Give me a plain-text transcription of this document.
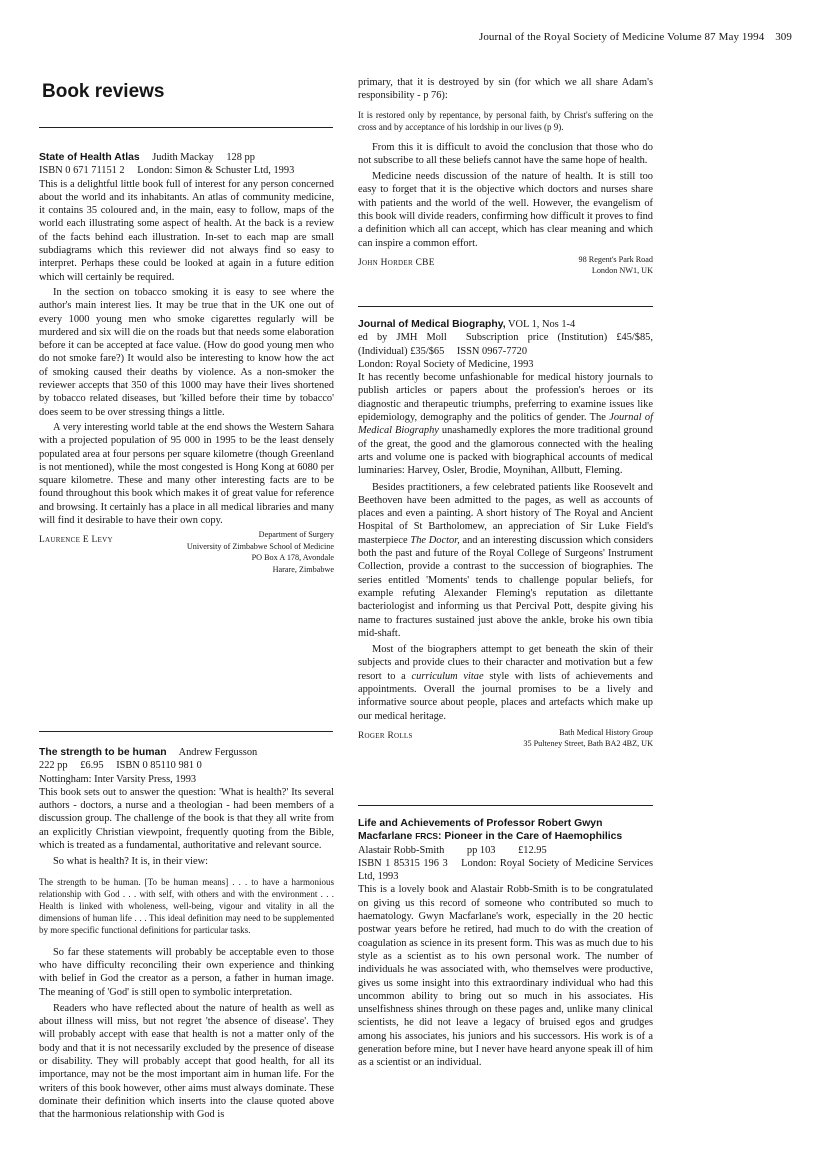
Journal of the Royal Society of Medicine Volume 87 May 1994 309
Book reviews
State of Health Atlas Judith Mackay 128 pp
ISBN 0 671 71151 2 London: Simon & Schuster Ltd, 1993

This is a delightful little book full of interest for any person concerned about the world and its inhabitants. An atlas of community medicine, it contains 35 coloured and, in the main, easy to follow, maps of the world each illustrating some aspect of health. At the back is a review of the facts behind each illustration. In-set to each map are small subdiagrams which this reviewer did not always find so easy to interpret. Perhaps these could be looked at again in a future edition which will certainly be required.

In the section on tobacco smoking it is easy to see where the author's main interest lies. It may be true that in the UK one out of every 1000 young men who smoke cigarettes regularly will be murdered and six will die on the roads but that needs some elaboration before it can be accepted at face value. (How do good young men who do not smoke fare?) It would also be interesting to know how the act of smoking caused their deaths by violence. As a non-smoker the reviewer accepts that 350 of this 1000 may have their lives shortened by tobacco related diseases, but 'killed before their time by tobacco' does seem to be over stressing things a little.

A very interesting world table at the end shows the Western Sahara with a projected population of 95 000 in 1995 to be the least densely populated area at four persons per square kilometre (though Greenland is not mentioned), while the most congested is Hong Kong at 6080 per square kilometre. These and many other interesting facts are to be found throughout this book which makes it of great value for reference and browsing. It certainly has a place in all medical libraries and many will find it desirable to have their own copy.

Laurence E Levy
Department of Surgery
University of Zimbabwe School of Medicine
PO Box A 178, Avondale
Harare, Zimbabwe
The strength to be human Andrew Fergusson
222 pp £6.95 ISBN 0 85110 981 0
Nottingham: Inter Varsity Press, 1993

This book sets out to answer the question: 'What is health?' Its several authors - doctors, a nurse and a theologian - had been members of a discussion group. The challenge of the book is that they all write from an explicitly Christian viewpoint, frequently quoting from the Bible, which is treated as a fundamental, authoritative and relevant source.

So what is health? It is, in their view:

The strength to be human. [To be human means] . . . to have a harmonious relationship with God . . . with self, with others and with the environment . . . Health is linked with wholeness, well-being, vigour and vitality in all the dimensions of human life . . . This ideal definition may need to be supplemented by more specific functional definitions for particular tasks.

So far these statements will probably be acceptable even to those who have difficulty reconciling their own experience and thinking with belief in God the creator as a person, a father in human image. The meaning of 'God' is still open to symbolic interpretation.

Readers who have reflected about the nature of health as well as about illness will miss, but not regret 'the absence of disease'. They will probably accept with ease that health is not a matter only of the body and that it is not necessarily excluded by the presence of disease or disability. They will probably accept that good health, for all its importance, may not be the most important aim in human life. For the writers of this book however, other aims must always dominate. These dominate their definition which inserts into the clause quoted above that the harmonious relationship with God is

primary, that it is destroyed by sin (for which we all share Adam's responsibility - p 76):

It is restored only by repentance, by personal faith, by Christ's suffering on the cross and by acceptance of his lordship in our lives (p 9).

From this it is difficult to avoid the conclusion that those who do not subscribe to all these beliefs cannot have the same hope of health.

Medicine needs discussion of the nature of health. It is still too easy to forget that it is the objective which doctors and nurses share with patients and the world of the well. However, the evangelism of this book will divide readers, confirming how difficult it proves to find a definition which all can accept, which has clear meaning and which can inspire a common effort.

John Horder CBE	98 Regent's Park Road
London NW1, UK
Journal of Medical Biography, VOL 1, Nos 1-4
ed by JMH Moll Subscription price (Institution) £45/$85, (Individual) £35/$65 ISSN 0967-7720
London: Royal Society of Medicine, 1993

It has recently become unfashionable for medical history journals to publish articles or papers about the profession's heroes or its diagnostic and therapeutic triumphs, preferring to examine issues like epidemiology, demography and the politics of gender. The Journal of Medical Biography unashamedly explores the more traditional ground of the great, the good and the glamorous connected with the healing arts and volume one is packed with biographical accounts of medical luminaries: Harvey, Osler, Brodie, Moynihan, Allbutt, Fleming.

Besides practitioners, a few celebrated patients like Roosevelt and Beethoven have been admitted to the pages, as well as accounts of places and even a painting. A short history of The Royal and Ancient Hospital of St Bartholomew, an appreciation of Sir Luke Field's masterpiece The Doctor, and an interesting discussion which considers both the past and future of the Royal College of Surgeons' Instrument Collection, provide a contrast to the succession of biographies. The series entitled 'Moments' tends to challenge popular beliefs, for example refuting Alexander Fleming's reputation as dilettante bacteriologist and informing us that Percival Pott, despite giving his name to fractures sustained just above the ankle, broke his own tibia mid-shaft.

Most of the biographers attempt to get beneath the skin of their subjects and provide clues to their character and motivation but a few resort to a curriculum vitae style with lists of achievements and appointments. Overall the journal promises to be a lively and informative source about people, places and artefacts which make up our medical heritage.

Roger Rolls	Bath Medical History Group
35 Pulteney Street, Bath BA2 4BZ, UK
Life and Achievements of Professor Robert Gwyn
Macfarlane FRCS: Pioneer in the Care of Haemophilics
Alastair Robb-Smith pp 103 £12.95
ISBN 1 85315 196 3 London: Royal Society of Medicine Services Ltd, 1993

This is a lovely book and Alastair Robb-Smith is to be congratulated on giving us this record of someone who contributed so much to haematology. Gwyn Macfarlane's work, especially in the 20 hectic postwar years before he retired, had much to do with the creation of coagulation as science in its present form. This was as much due to his style as a scientist as to his own personal work. The number of individuals he was associated with, who themselves were productive, gives us some insight into this extraordinary individual who had this uncommon ability to bring out so much in his associates. His unselfishness shines through on these pages and, unlike many clinical scientists, he did not leave a legacy of bruised egos and grudges among his associates, his juniors and his successors. His work is of a generation before mine, but I never have heard anyone speak ill of him as a scientist or an individual.
